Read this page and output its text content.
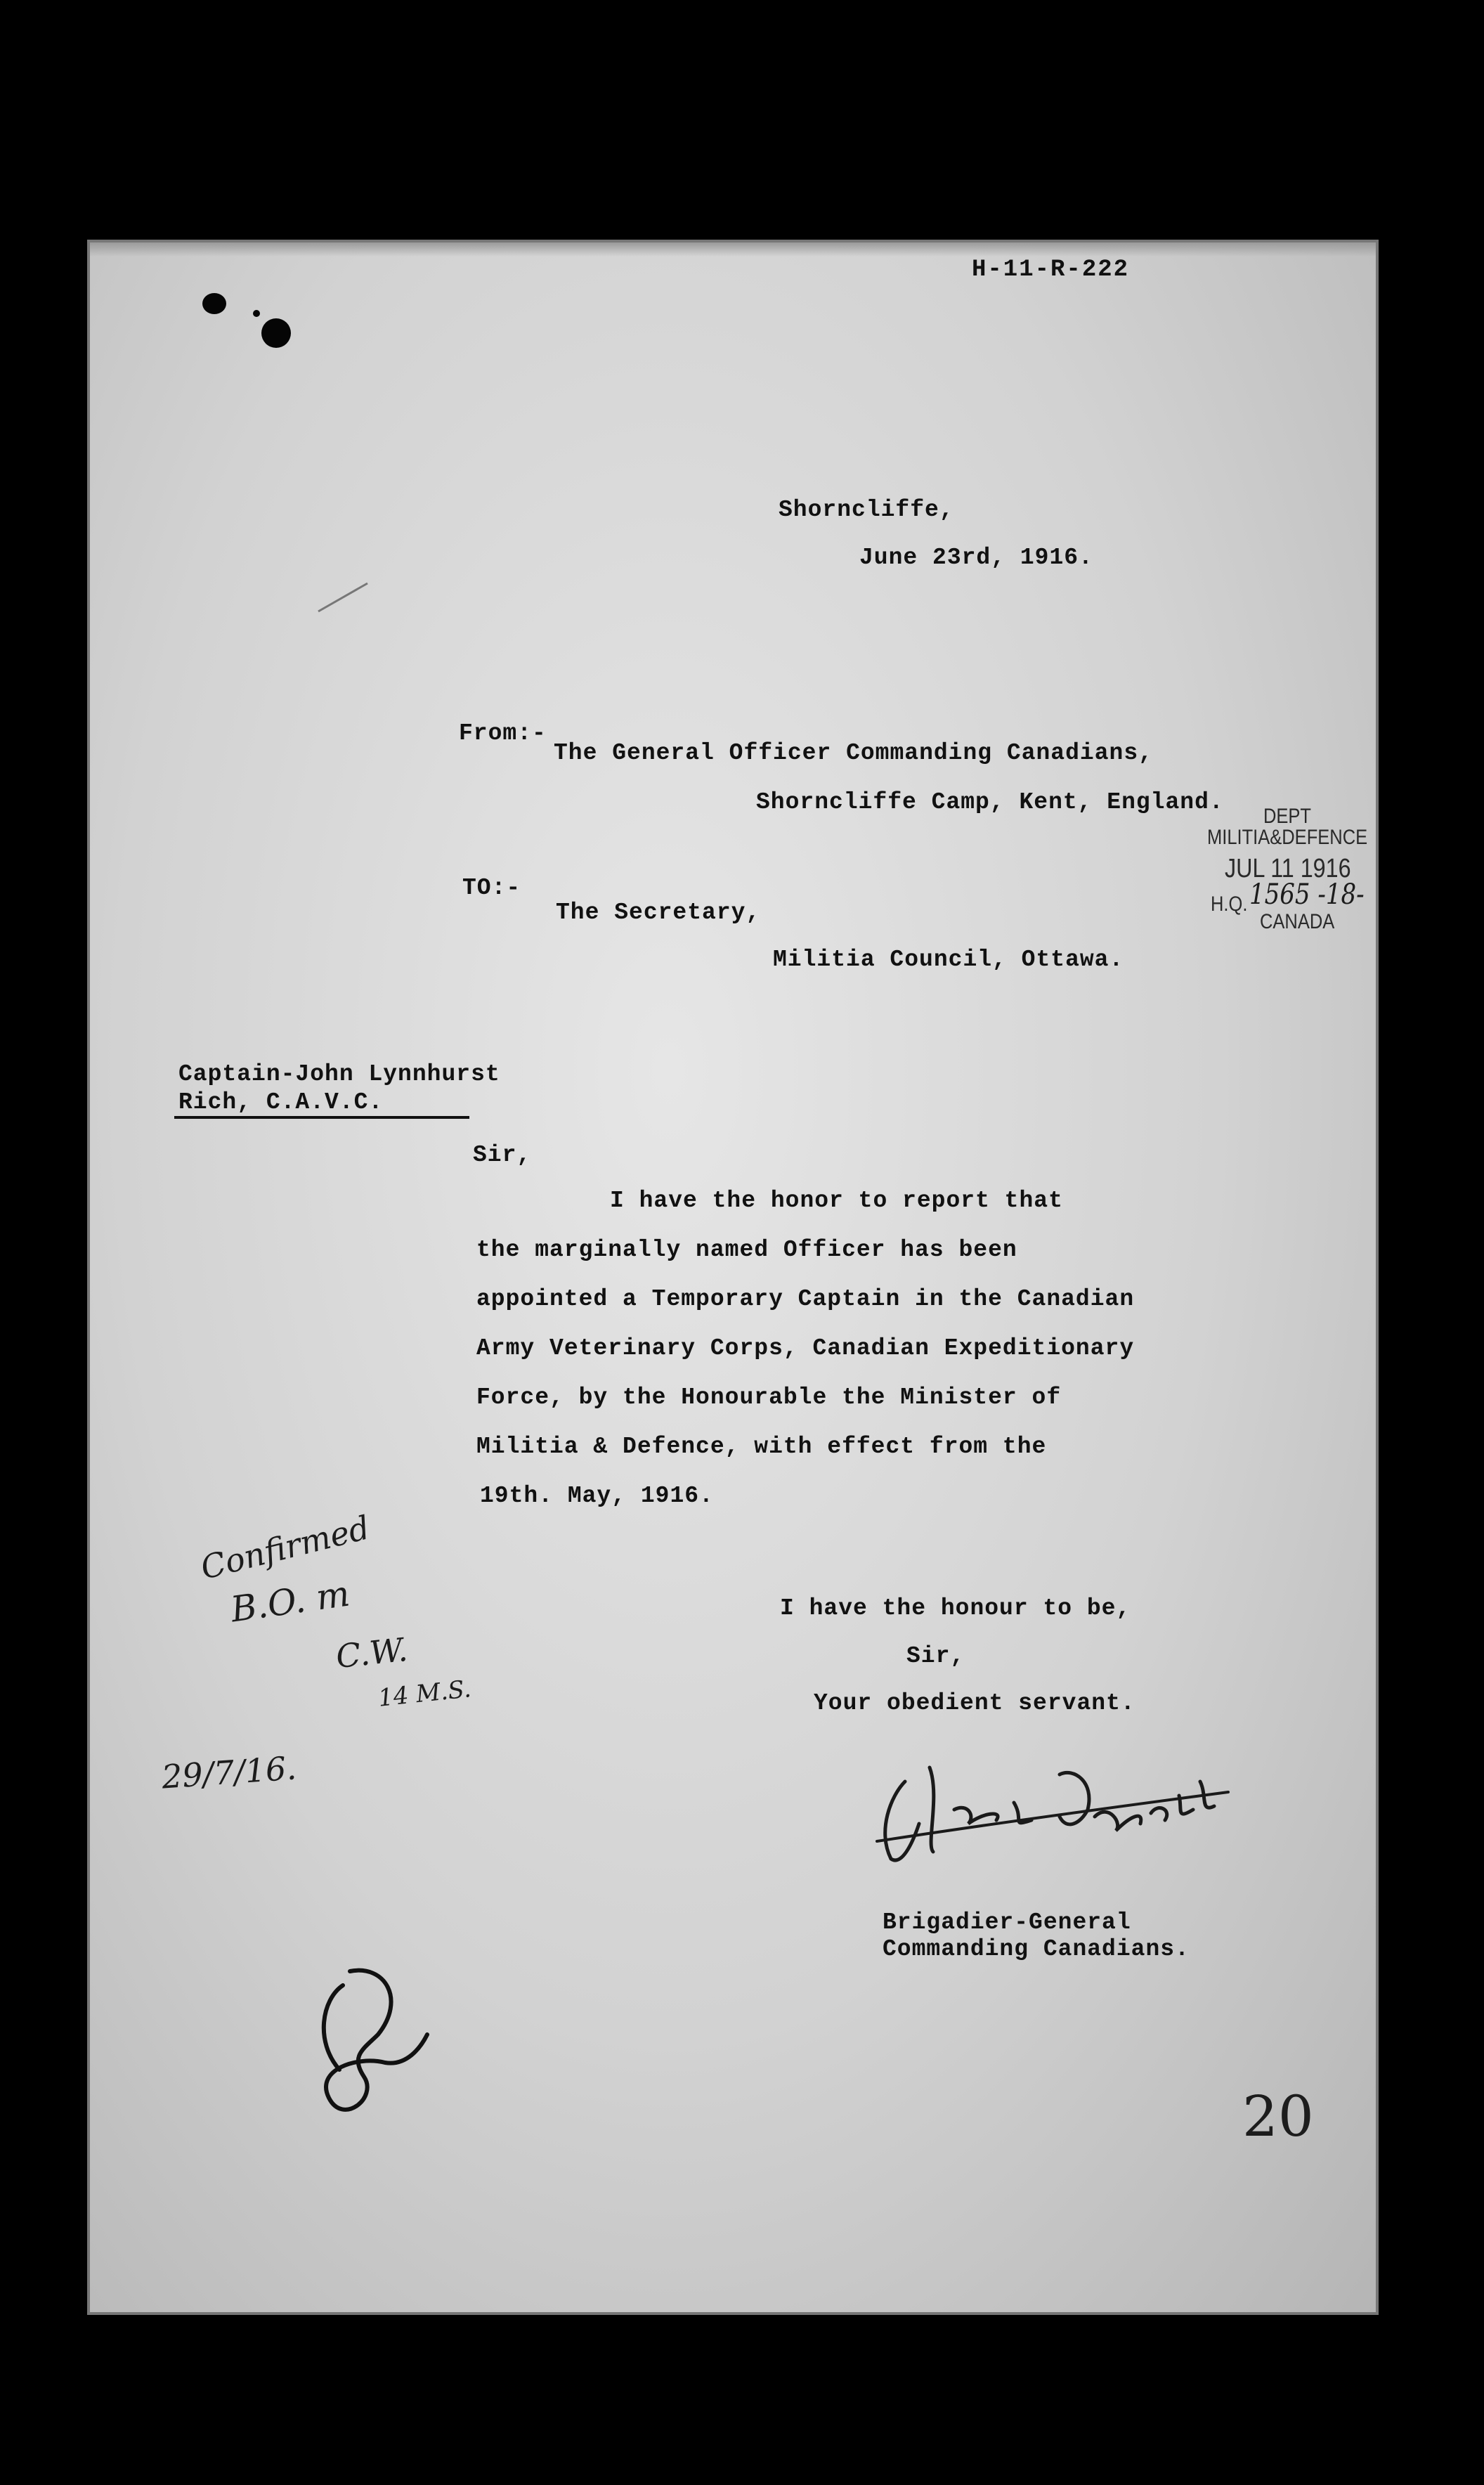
H-11-R-222
Shorncliffe,
June 23rd, 1916.
DEPT
MILITIA&DEFENCE
JUL 11 1916
H.Q. 1565 -18-
CANADA
From:-
The General Officer Commanding Canadians,
Shorncliffe Camp, Kent, England.
TO:-
The Secretary,
Militia Council, Ottawa.
Captain-John Lynnhurst
Rich, C.A.V.C.
Sir,
I have the honor to report that
the marginally named Officer has been
appointed a Temporary Captain in the Canadian
Army Veterinary Corps, Canadian Expeditionary
Force, by the Honourable the Minister of
Militia & Defence, with effect from the
19th. May, 1916.
I have the honour to be,
Sir,
Your obedient servant.
Brigadier-General
Commanding Canadians.
Confirmed
B.O. m
C.W.
14 M.S.
29/7/16.
20
